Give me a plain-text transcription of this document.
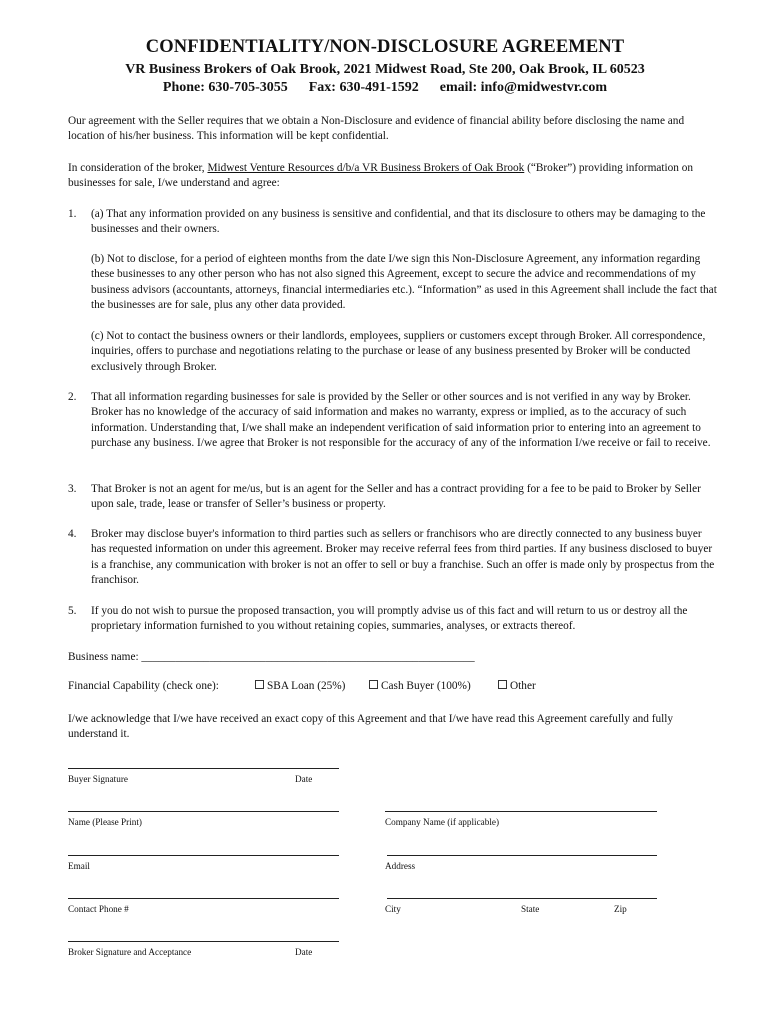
CONFIDENTIALITY/NON-DISCLOSURE AGREEMENT
VR Business Brokers of Oak Brook, 2021 Midwest Road, Ste 200, Oak Brook, IL 60523
Phone: 630-705-3055 Fax: 630-491-1592 email: info@midwestvr.com
Our agreement with the Seller requires that we obtain a Non-Disclosure and evidence of financial ability before disclosing the name and location of his/her business. This information will be kept confidential.
In consideration of the broker, Midwest Venture Resources d/b/a VR Business Brokers of Oak Brook (“Broker”) providing information on businesses for sale, I/we understand and agree:
1. (a) That any information provided on any business is sensitive and confidential, and that its disclosure to others may be damaging to the businesses and their owners.
(b) Not to disclose, for a period of eighteen months from the date I/we sign this Non-Disclosure Agreement, any information regarding these businesses to any other person who has not also signed this Agreement, except to secure the advice and recommendations of my business advisors (accountants, attorneys, financial intermediaries etc.). “Information” as used in this Agreement shall include the fact that the businesses are for sale, plus any other data provided.
(c) Not to contact the business owners or their landlords, employees, suppliers or customers except through Broker. All correspondence, inquiries, offers to purchase and negotiations relating to the purchase or lease of any business presented by Broker will be conducted exclusively through Broker.
2. That all information regarding businesses for sale is provided by the Seller or other sources and is not verified in any way by Broker. Broker has no knowledge of the accuracy of said information and makes no warranty, express or implied, as to the accuracy of such information. Understanding that, I/we shall make an independent verification of said information prior to entering into an agreement to purchase any business. I/we agree that Broker is not responsible for the accuracy of any of the information I/we receive or fail to receive.
3. That Broker is not an agent for me/us, but is an agent for the Seller and has a contract providing for a fee to be paid to Broker by Seller upon sale, trade, lease or transfer of Seller’s business or property.
4. Broker may disclose buyer's information to third parties such as sellers or franchisors who are directly connected to any business buyer has requested information on under this agreement. Broker may receive referral fees from third parties. If any business disclosed to buyer is a franchise, any communication with broker is not an offer to sell or buy a franchise. Such an offer is made only by prospectus from the franchisor.
5. If you do not wish to pursue the proposed transaction, you will promptly advise us of this fact and will return to us or destroy all the proprietary information furnished to you without retaining copies, summaries, analyses, or extracts thereof.
Business name: ___________________________________________________________
Financial Capability (check one):	SBA Loan (25%)	Cash Buyer (100%)	Other
I/we acknowledge that I/we have received an exact copy of this Agreement and that I/we have read this Agreement carefully and fully understand it.
Buyer Signature	Date
Name (Please Print)	Company Name (if applicable)
Email	Address
Contact Phone #	City	State	Zip
Broker Signature and Acceptance	Date
